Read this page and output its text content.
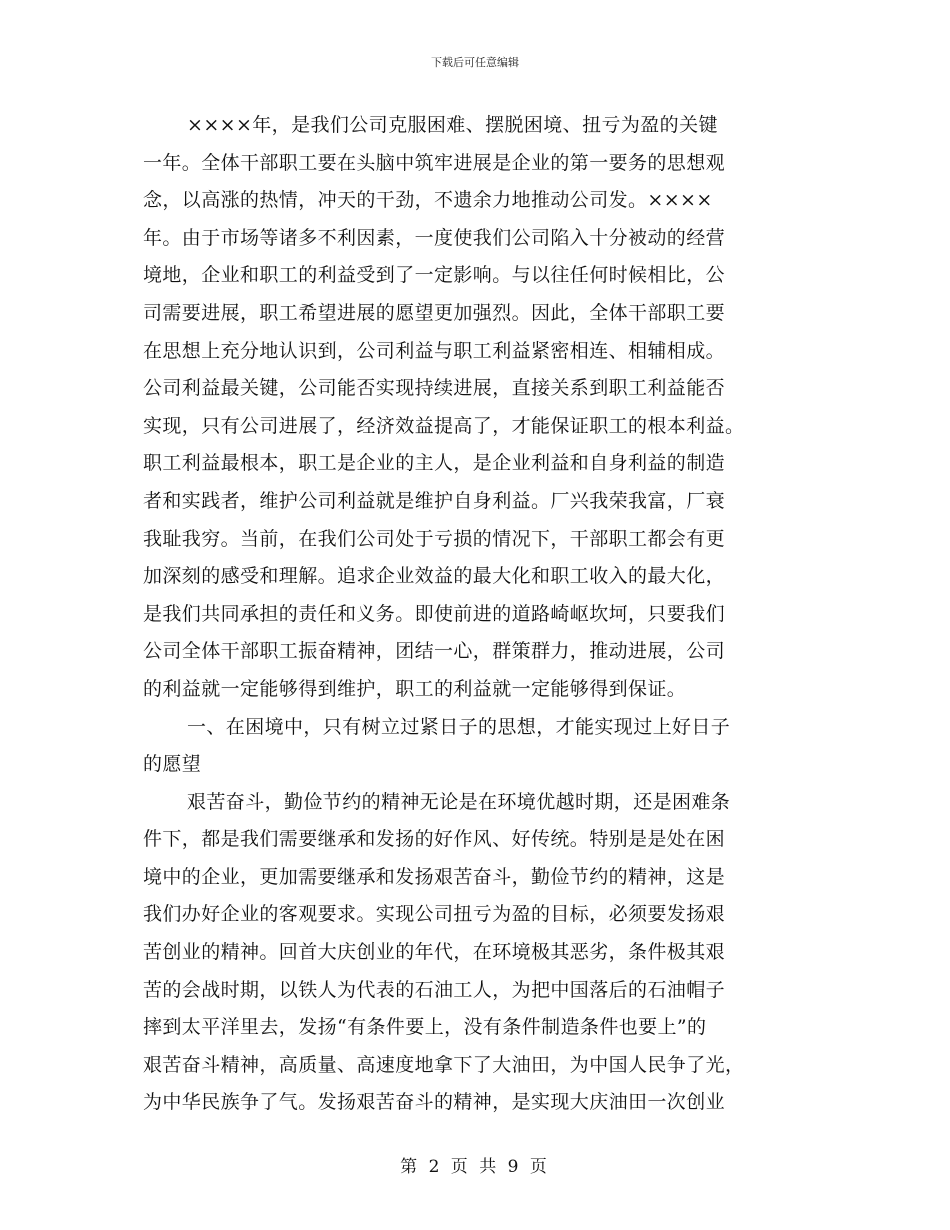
下载后可任意编辑
××××年，是我们公司克服困难、摆脱困境、扭亏为盈的关键
一年。全体干部职工要在头脑中筑牢进展是企业的第一要务的思想观
念，以高涨的热情，冲天的干劲，不遗余力地推动公司发。××××
年。由于市场等诸多不利因素，一度使我们公司陷入十分被动的经营
境地，企业和职工的利益受到了一定影响。与以往任何时候相比，公
司需要进展，职工希望进展的愿望更加强烈。因此，全体干部职工要
在思想上充分地认识到，公司利益与职工利益紧密相连、相辅相成。
公司利益最关键，公司能否实现持续进展，直接关系到职工利益能否
实现，只有公司进展了，经济效益提高了，才能保证职工的根本利益。
职工利益最根本，职工是企业的主人，是企业利益和自身利益的制造
者和实践者，维护公司利益就是维护自身利益。厂兴我荣我富，厂衰
我耻我穷。当前，在我们公司处于亏损的情况下，干部职工都会有更
加深刻的感受和理解。追求企业效益的最大化和职工收入的最大化，
是我们共同承担的责任和义务。即使前进的道路崎岖坎坷，只要我们
公司全体干部职工振奋精神，团结一心，群策群力，推动进展，公司
的利益就一定能够得到维护，职工的利益就一定能够得到保证。
一、在困境中，只有树立过紧日子的思想，才能实现过上好日子
的愿望
艰苦奋斗，勤俭节约的精神无论是在环境优越时期，还是困难条
件下，都是我们需要继承和发扬的好作风、好传统。特别是是处在困
境中的企业，更加需要继承和发扬艰苦奋斗，勤俭节约的精神，这是
我们办好企业的客观要求。实现公司扭亏为盈的目标，必须要发扬艰
苦创业的精神。回首大庆创业的年代，在环境极其恶劣，条件极其艰
苦的会战时期，以铁人为代表的石油工人，为把中国落后的石油帽子
摔到太平洋里去，发扬“有条件要上，没有条件制造条件也要上”的
艰苦奋斗精神，高质量、高速度地拿下了大油田，为中国人民争了光，
为中华民族争了气。发扬艰苦奋斗的精神，是实现大庆油田一次创业
第 2 页 共 9 页
